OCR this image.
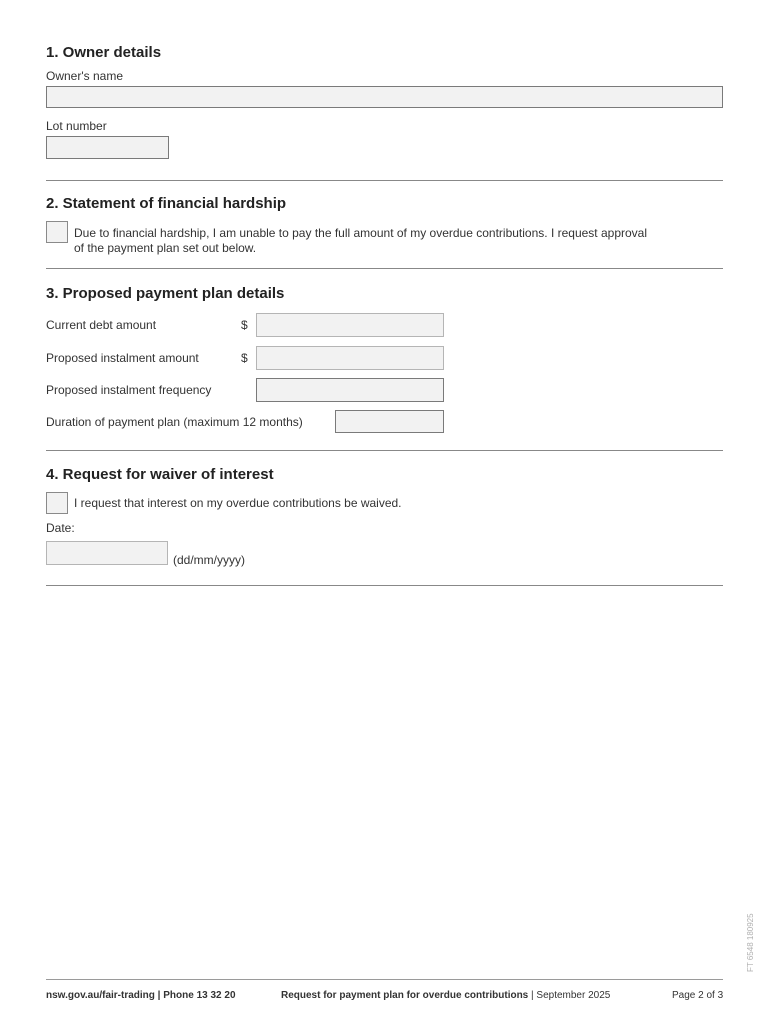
1. Owner details
Owner's name
Lot number
2. Statement of financial hardship
Due to financial hardship, I am unable to pay the full amount of my overdue contributions. I request approval
of the payment plan set out below.
3. Proposed payment plan details
Current debt amount	$
Proposed instalment amount	$
Proposed instalment frequency
Duration of payment plan (maximum 12 months)
4. Request for waiver of interest
I request that interest on my overdue contributions be waived.
Date:
(dd/mm/yyyy)
FT 6548 180925
nsw.gov.au/fair-trading | Phone 13 32 20	Request for payment plan for overdue contributions | September 2025	Page 2 of 3
